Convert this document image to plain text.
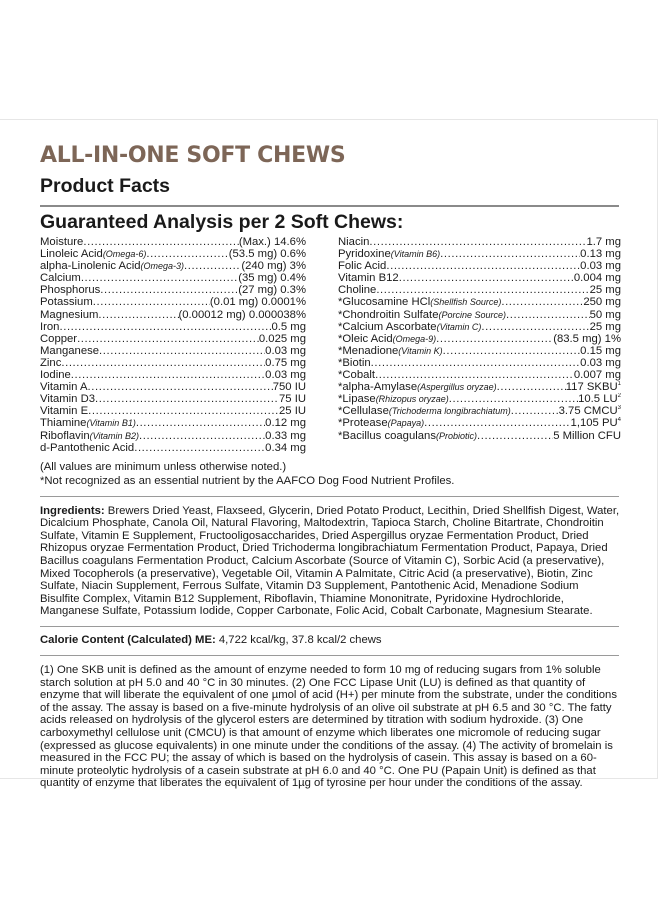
ALL-IN-ONE SOFT CHEWS
Product Facts
Guaranteed Analysis per 2 Soft Chews:
Moisture .....	(Max.) 14.6%
Linoleic Acid (Omega-6) .....	(53.5 mg) 0.6%
alpha-Linolenic Acid (Omega-3) .....	(240 mg) 3%
Calcium .....	(35 mg) 0.4%
Phosphorus .....	(27 mg) 0.3%
Potassium .....	(0.01 mg) 0.0001%
Magnesium .....	(0.00012 mg) 0.000038%
Iron .....	0.5 mg
Copper .....	0.025 mg
Manganese .....	0.03 mg
Zinc .....	0.75 mg
Iodine .....	0.03 mg
Vitamin A .....	750 IU
Vitamin D3 .....	75 IU
Vitamin E .....	25 IU
Thiamine (Vitamin B1) .....	0.12 mg
Riboflavin (Vitamin B2) .....	0.33 mg
d-Pantothenic Acid .....	0.34 mg
Niacin .....	1.7 mg
Pyridoxine (Vitamin B6) .....	0.13 mg
Folic Acid .....	0.03 mg
Vitamin B12 .....	0.004 mg
Choline .....	25 mg
*Glucosamine HCl (Shellfish Source) .....	250 mg
*Chondroitin Sulfate (Porcine Source) .....	50 mg
*Calcium Ascorbate (Vitamin C) .....	25 mg
*Oleic Acid (Omega-9) .....	(83.5 mg) 1%
*Menadione (Vitamin K) .....	0.15 mg
*Biotin .....	0.03 mg
*Cobalt .....	0.007 mg
*alpha-Amylase (Aspergillus oryzae) .....	117 SKBU$^1$
*Lipase (Rhizopus oryzae) .....	10.5 $LU^2$
*Cellulase (Trichoderma longibrachiatum) .....	3.75 CMCU$^3$
*Protease (Papaya) .....	1,105 $PU^4$
*Bacillus coagulans (Probiotic) .....	5 Million CFU
(All values are minimum unless otherwise noted.)
*Not recognized as an essential nutrient by the AAFCO Dog Food Nutrient Profiles.
Ingredients: Brewers Dried Yeast, Flaxseed, Glycerin, Dried Potato Product, Lecithin, Dried Shellfish Digest, Water, Dicalcium Phosphate, Canola Oil, Natural Flavoring, Maltodextrin, Tapioca Starch, Choline Bitartrate, Chondroitin Sulfate, Vitamin E Supplement, Fructooligosaccharides, Dried Aspergillus oryzae Fermentation Product, Dried Rhizopus oryzae Fermentation Product, Dried Trichoderma longibrachiatum Fermentation Product, Papaya, Dried Bacillus coagulans Fermentation Product, Calcium Ascorbate (Source of Vitamin C), Sorbic Acid (a preservative), Mixed Tocopherols (a preservative), Vegetable Oil, Vitamin A Palmitate, Citric Acid (a preservative), Biotin, Zinc Sulfate, Niacin Supplement, Ferrous Sulfate, Vitamin D3 Supplement, Pantothenic Acid, Menadione Sodium Bisulfite Complex, Vitamin B12 Supplement, Riboflavin, Thiamine Mononitrate, Pyridoxine Hydrochloride, Manganese Sulfate, Potassium Iodide, Copper Carbonate, Folic Acid, Cobalt Carbonate, Magnesium Stearate.
Calorie Content (Calculated) ME: 4,722 kcal/kg, 37.8 kcal/2 chews
(1) One SKB unit is defined as the amount of enzyme needed to form 10 mg of reducing sugars from 1% soluble starch solution at pH 5.0 and 40 °C in 30 minutes. (2) One FCC Lipase Unit (LU) is defined as that quantity of enzyme that will liberate the equivalent of one µmol of acid (H+) per minute from the substrate, under the conditions of the assay. The assay is based on a five-minute hydrolysis of an olive oil substrate at pH 6.5 and 30 °C. The fatty acids released on hydrolysis of the glycerol esters are determined by titration with sodium hydroxide. (3) One carboxymethyl cellulose unit (CMCU) is that amount of enzyme which liberates one micromole of reducing sugar (expressed as glucose equivalents) in one minute under the conditions of the assay. (4) The activity of bromelain is measured in the FCC PU; the assay of which is based on the hydrolysis of casein. This assay is based on a 60-minute proteolytic hydrolysis of a casein substrate at pH 6.0 and 40 °C. One PU (Papain Unit) is defined as that quantity of enzyme that liberates the equivalent of 1µg of tyrosine per hour under the conditions of the assay.
